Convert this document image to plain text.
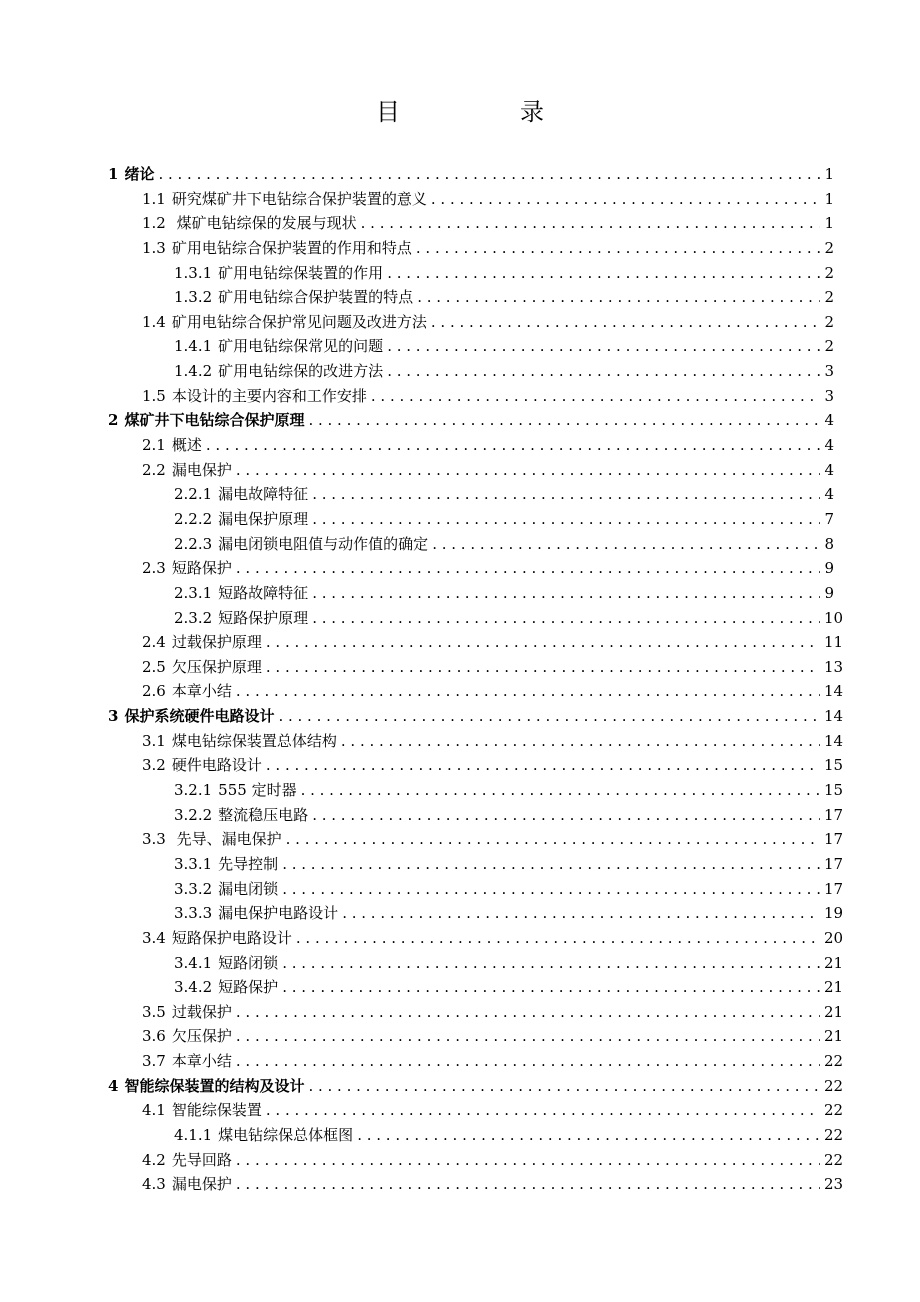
目　录
1 绪论 . . .	1
1.1 研究煤矿井下电钻综合保护装置的意义 . . .	1
1.2 煤矿电钻综保的发展与现状 . . .	1
1.3 矿用电钻综合保护装置的作用和特点 . . .	2
1.3.1 矿用电钻综保装置的作用 . . .	2
1.3.2 矿用电钻综合保护装置的特点 . . .	2
1.4 矿用电钻综合保护常见问题及改进方法 . . .	2
1.4.1 矿用电钻综保常见的问题 . . .	2
1.4.2 矿用电钻综保的改进方法 . . .	3
1.5 本设计的主要内容和工作安排 . . .	3
2 煤矿井下电钻综合保护原理 . . .	4
2.1 概述 . . .	4
2.2 漏电保护 . . .	4
2.2.1 漏电故障特征 . . .	4
2.2.2 漏电保护原理 . . .	7
2.2.3 漏电闭锁电阻值与动作值的确定 . . .	8
2.3 短路保护 . . .	9
2.3.1 短路故障特征 . . .	9
2.3.2 短路保护原理 . . .	10
2.4 过载保护原理 . . .	11
2.5 欠压保护原理 . . .	13
2.6 本章小结 . . .	14
3 保护系统硬件电路设计 . . .	14
3.1 煤电钻综保装置总体结构 . . .	14
3.2 硬件电路设计 . . .	15
3.2.1 555 定时器 . . .	15
3.2.2 整流稳压电路 . . .	17
3.3 先导、漏电保护 . . .	17
3.3.1 先导控制 . . .	17
3.3.2 漏电闭锁 . . .	17
3.3.3 漏电保护电路设计 . . .	19
3.4 短路保护电路设计 . . .	20
3.4.1 短路闭锁 . . .	21
3.4.2 短路保护 . . .	21
3.5 过载保护 . . .	21
3.6 欠压保护 . . .	21
3.7 本章小结 . . .	22
4 智能综保装置的结构及设计 . . .	22
4.1 智能综保装置 . . .	22
4.1.1 煤电钻综保总体框图 . . .	22
4.2 先导回路 . . .	22
4.3 漏电保护 . . .	23
